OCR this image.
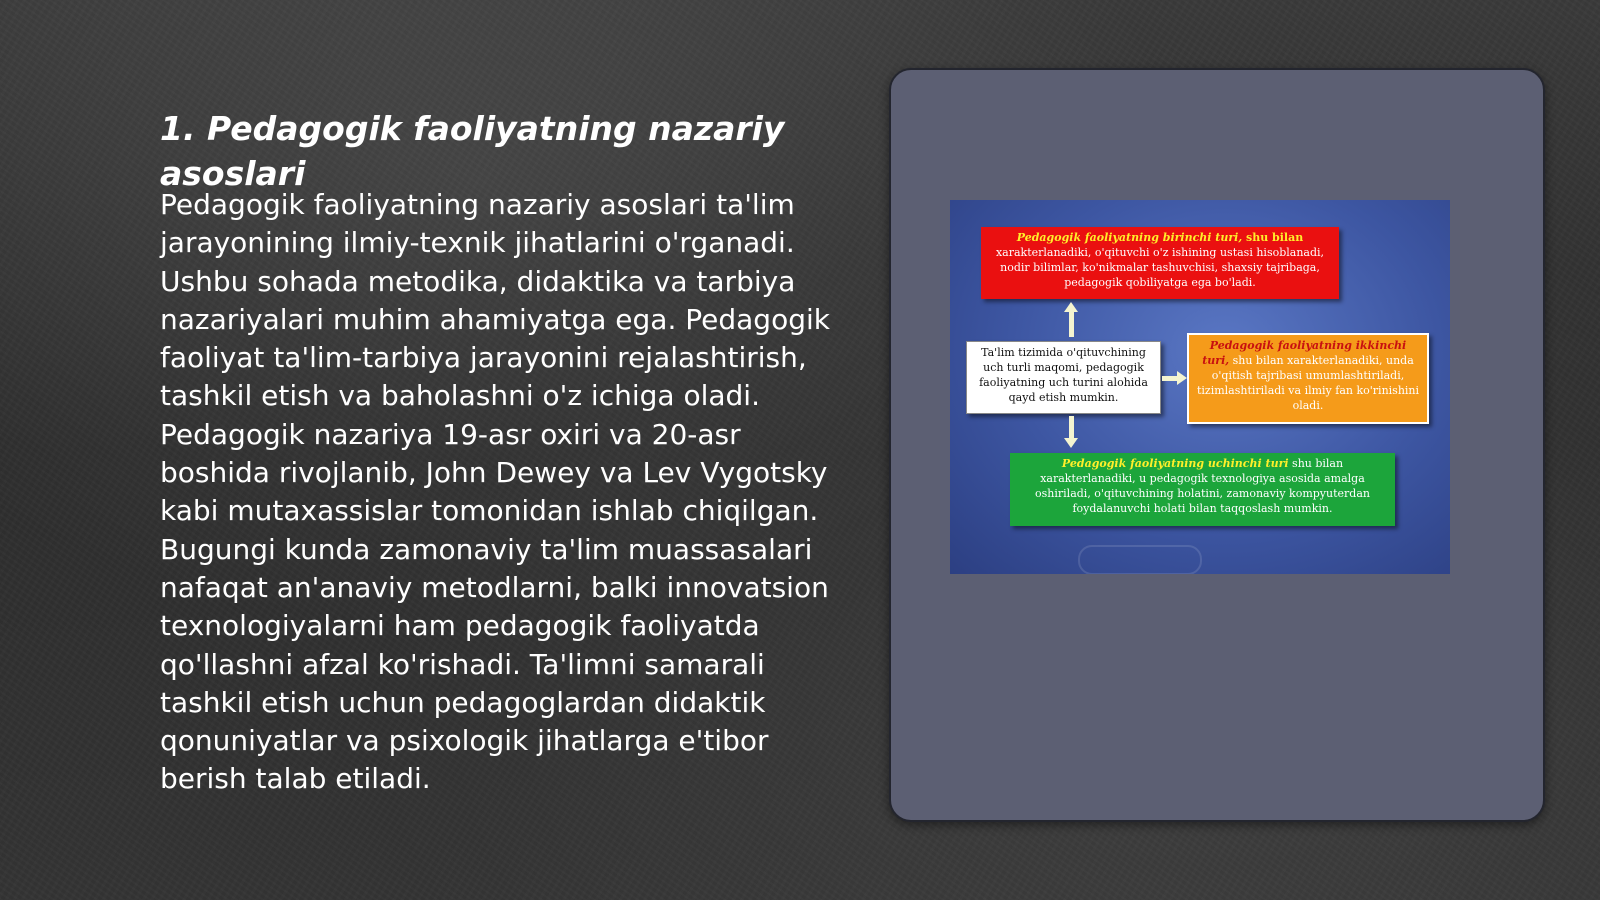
1. Pedagogik faoliyatning nazariy asoslari

Pedagogik faoliyatning nazariy asoslari ta'lim jarayonining ilmiy-texnik jihatlarini o'rganadi. Ushbu sohada metodika, didaktika va tarbiya nazariyalari muhim ahamiyatga ega. Pedagogik faoliyat ta'lim-tarbiya jarayonini rejalashtirish, tashkil etish va baholashni o'z ichiga oladi. Pedagogik nazariya 19-asr oxiri va 20-asr boshida rivojlanib, John Dewey va Lev Vygotsky kabi mutaxassislar tomonidan ishlab chiqilgan. Bugungi kunda zamonaviy ta'lim muassasalari nafaqat an'anaviy metodlarni, balki innovatsion texnologiyalarni ham pedagogik faoliyatda qo'llashni afzal ko'rishadi. Ta'limni samarali tashkil etish uchun pedagoglardan didaktik qonuniyatlar va psixologik jihatlarga e'tibor berish talab etiladi.

Pedagogik faoliyatning birinchi turi, shu bilan xarakterlanadiki, o'qituvchi o'z ishining ustasi hisoblanadi, nodir bilimlar, ko'nikmalar tashuvchisi, shaxsiy tajribaga, pedagogik qobiliyatga ega bo'ladi.
Ta'lim tizimida o'qituvchining uch turli maqomi, pedagogik faoliyatning uch turini alohida qayd etish mumkin.
Pedagogik faoliyatning ikkinchi turi, shu bilan xarakterlanadiki, unda o'qitish tajribasi umumlashtiriladi, tizimlashtiriladi va ilmiy fan ko'rinishini oladi.
Pedagogik faoliyatning uchinchi turi shu bilan xarakterlanadiki, u pedagogik texnologiya asosida amalga oshiriladi, o'qituvchining holatini, zamonaviy kompyuterdan foydalanuvchi holati bilan taqqoslash mumkin.
